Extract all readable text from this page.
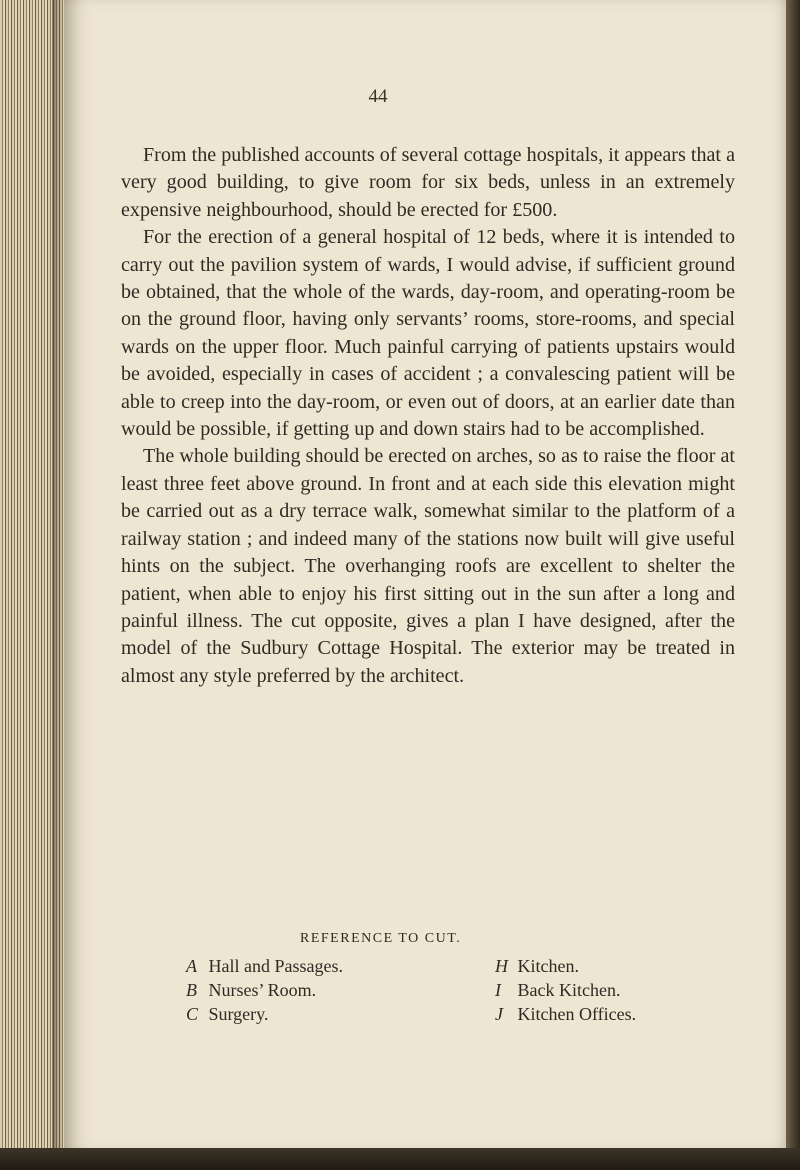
44

From the published accounts of several cottage hospitals, it appears that a very good building, to give room for six beds, unless in an extremely expensive neighbourhood, should be erected for £500.

For the erection of a general hospital of 12 beds, where it is intended to carry out the pavilion system of wards, I would advise, if sufficient ground be obtained, that the whole of the wards, day-room, and operating-room be on the ground floor, having only servants’ rooms, store-rooms, and special wards on the upper floor. Much painful carrying of patients upstairs would be avoided, especially in cases of accident ; a convalescing patient will be able to creep into the day-room, or even out of doors, at an earlier date than would be possible, if getting up and down stairs had to be accomplished.

The whole building should be erected on arches, so as to raise the floor at least three feet above ground. In front and at each side this elevation might be carried out as a dry terrace walk, somewhat similar to the platform of a railway station ; and indeed many of the stations now built will give useful hints on the subject. The overhanging roofs are excellent to shelter the patient, when able to enjoy his first sitting out in the sun after a long and painful illness. The cut opposite, gives a plan I have designed, after the model of the Sudbury Cottage Hospital. The exterior may be treated in almost any style preferred by the architect.

REFERENCE TO CUT.
A Hall and Passages.
B Nurses’ Room.
C Surgery.
H Kitchen.
I Back Kitchen.
J Kitchen Offices.
